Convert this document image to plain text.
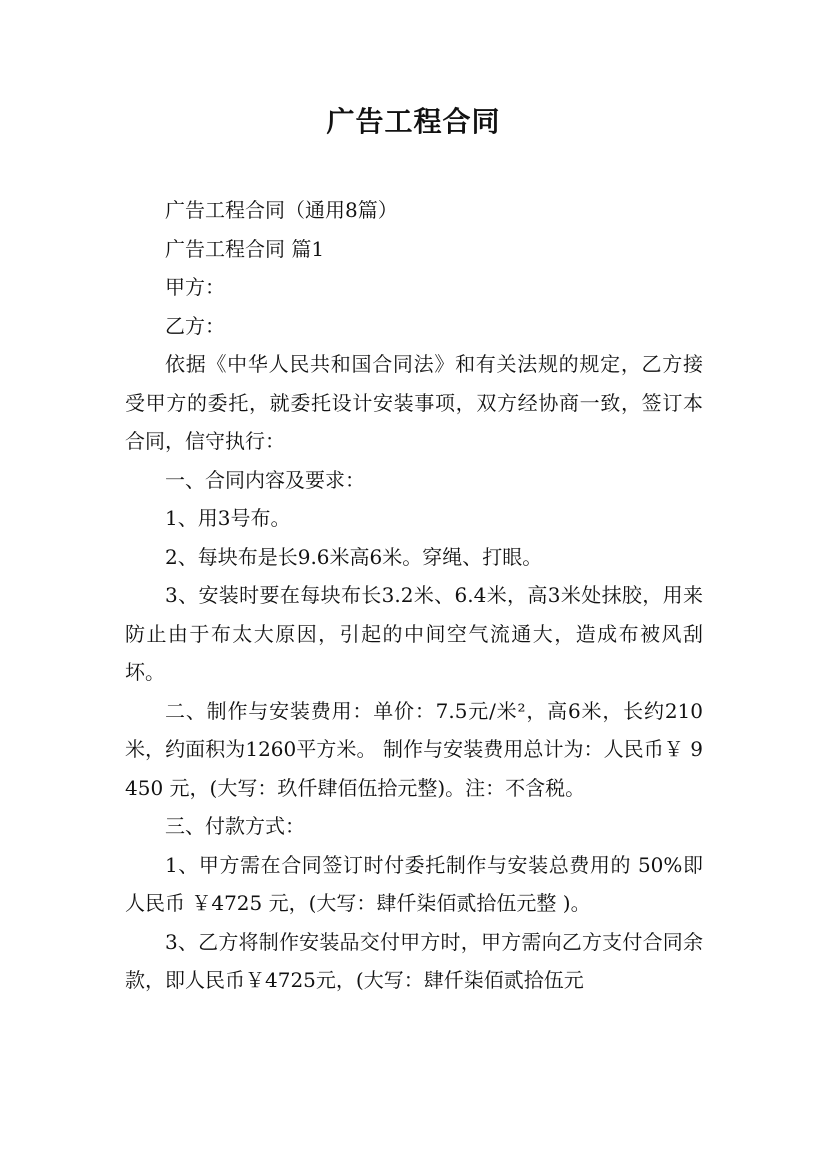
广告工程合同

广告工程合同（通用8篇）

广告工程合同 篇1

甲方：

乙方：

依据《中华人民共和国合同法》和有关法规的规定，乙方接受甲方的委托，就委托设计安装事项，双方经协商一致，签订本合同，信守执行：

一、合同内容及要求：

1、用3号布。

2、每块布是长9.6米高6米。穿绳、打眼。

3、安装时要在每块布长3.2米、6.4米，高3米处抹胶，用来防止由于布太大原因，引起的中间空气流通大，造成布被风刮坏。

二、制作与安装费用：单价：7.5元/米²，高6米，长约210米，约面积为1260平方米。 制作与安装费用总计为：人民币￥ 9450 元，(大写：玖仟肆佰伍拾元整)。注：不含税。

三、付款方式：

1、甲方需在合同签订时付委托制作与安装总费用的 50%即人民币 ￥4725 元，(大写：肆仟柒佰贰拾伍元整 )。

3、乙方将制作安装品交付甲方时，甲方需向乙方支付合同余款，即人民币￥4725元，(大写：肆仟柒佰贰拾伍元
